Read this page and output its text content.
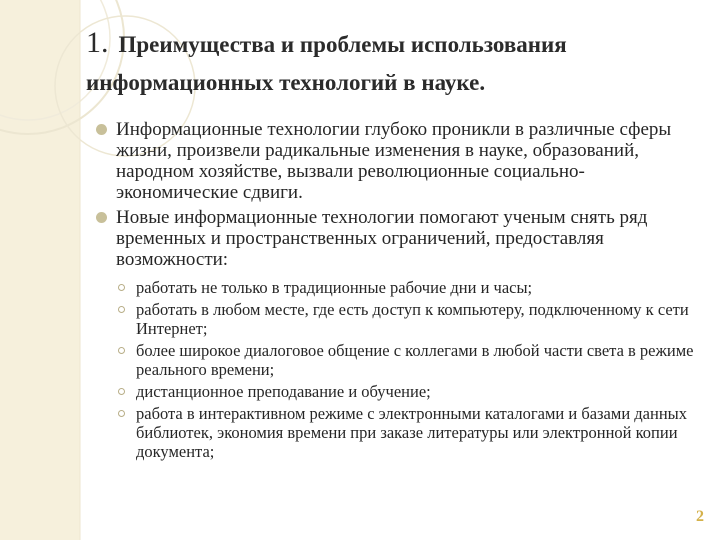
1. Преимущества и проблемы использования информационных технологий в науке.
Информационные технологии глубоко проникли в различные сферы жизни, произвели радикальные изменения в науке, образований, народном хозяйстве, вызвали революционные социально-экономические сдвиги.
Новые информационные технологии помогают ученым снять ряд временных и пространственных ограничений, предоставляя возможности:
работать не только в традиционные рабочие дни и часы;
работать в любом месте, где есть доступ к компьютеру, подключенному к сети Интернет;
более широкое диалоговое общение с коллегами в любой части света в режиме реального времени;
дистанционное преподавание и обучение;
работа в интерактивном режиме с электронными каталогами и базами данных библиотек, экономия времени при заказе литературы или электронной копии документа;
2
